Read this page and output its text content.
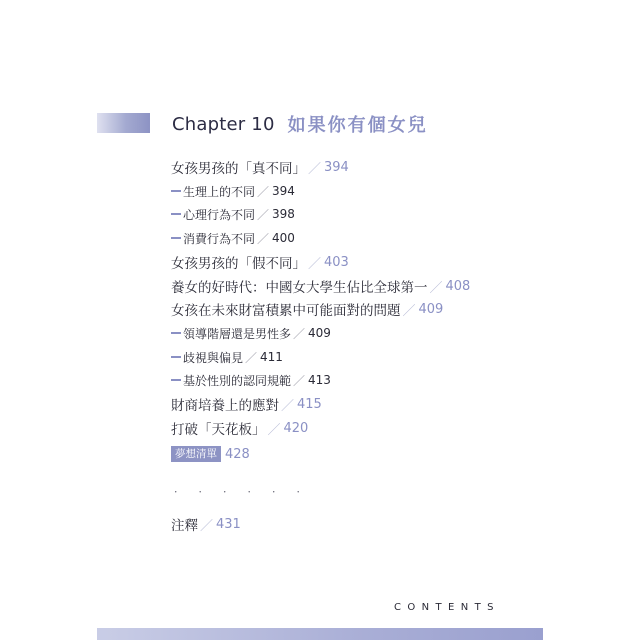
Chapter 10 如果你有個女兒
女孩男孩的「真不同」 ／ 394
生理上的不同 ／ 394
心理行為不同 ／ 398
消費行為不同 ／ 400
女孩男孩的「假不同」 ／ 403
養女的好時代：中國女大學生佔比全球第一 ／ 408
女孩在未來財富積累中可能面對的問題 ／ 409
領導階層還是男性多 ／ 409
歧視與偏見 ／ 411
基於性別的認同規範 ／ 413
財商培養上的應對 ／ 415
打破「天花板」 ／ 420
夢想清單 428
． ． ． ． ． ．
注釋 ／ 431
CONTENTS
